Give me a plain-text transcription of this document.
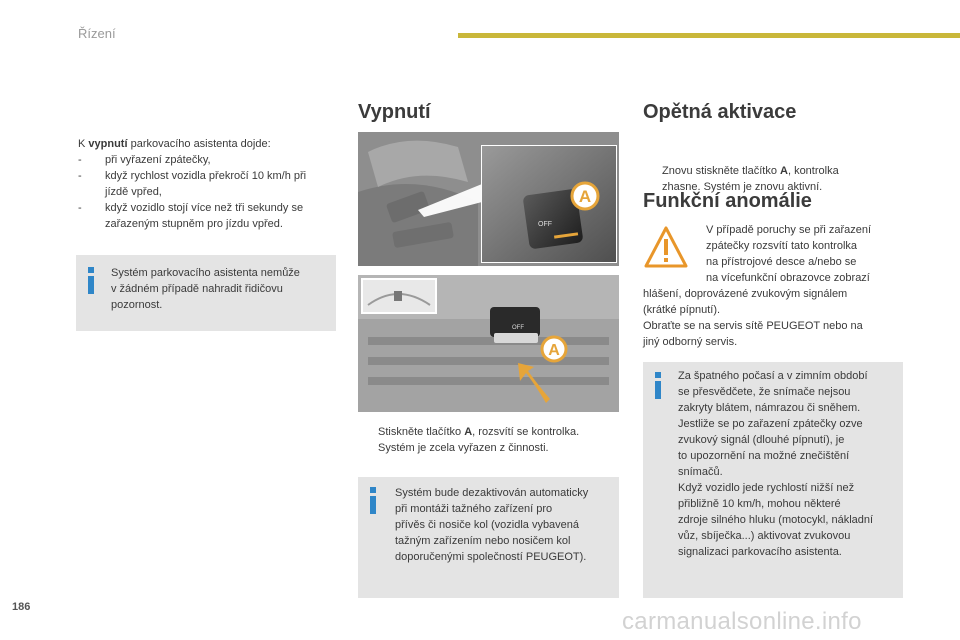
Řízení
K vypnutí parkovacího asistenta dojde:
- při vyřazení zpátečky,
- když rychlost vozidla překročí 10 km/h při
jízdě vpřed,
- když vozidlo stojí více než tři sekundy se
zařazeným stupněm pro jízdu vpřed.
Systém parkovacího asistenta nemůže
v žádném případě nahradit řidičovu
pozornost.
Vypnutí
A
OFF
OFF
A
Stiskněte tlačítko A, rozsvítí se kontrolka.
Systém je zcela vyřazen z činnosti.
Systém bude dezaktivován automaticky
při montáži tažného zařízení pro
přívěs či nosiče kol (vozidla vybavená
tažným zařízením nebo nosičem kol
doporučenými společností PEUGEOT).
Opětná aktivace
Znovu stiskněte tlačítko A, kontrolka
zhasne. Systém je znovu aktivní.
Funkční anomálie
V případě poruchy se při zařazení
zpátečky rozsvítí tato kontrolka
na přístrojové desce a/nebo se
na vícefunkční obrazovce zobrazí
hlášení, doprovázené zvukovým signálem
(krátké pípnutí).
Obraťte se na servis sítě PEUGEOT nebo na
jiný odborný servis.
Za špatného počasí a v zimním období
se přesvědčete, že snímače nejsou
zakryty blátem, námrazou či sněhem.
Jestliže se po zařazení zpátečky ozve
zvukový signál (dlouhé pípnutí), je
to upozornění na možné znečištění
snímačů.
Když vozidlo jede rychlostí nižší než
přibližně 10 km/h, mohou některé
zdroje silného hluku (motocykl, nákladní
vůz, sbíječka...) aktivovat zvukovou
signalizaci parkovacího asistenta.
186
carmanualsonline.info
